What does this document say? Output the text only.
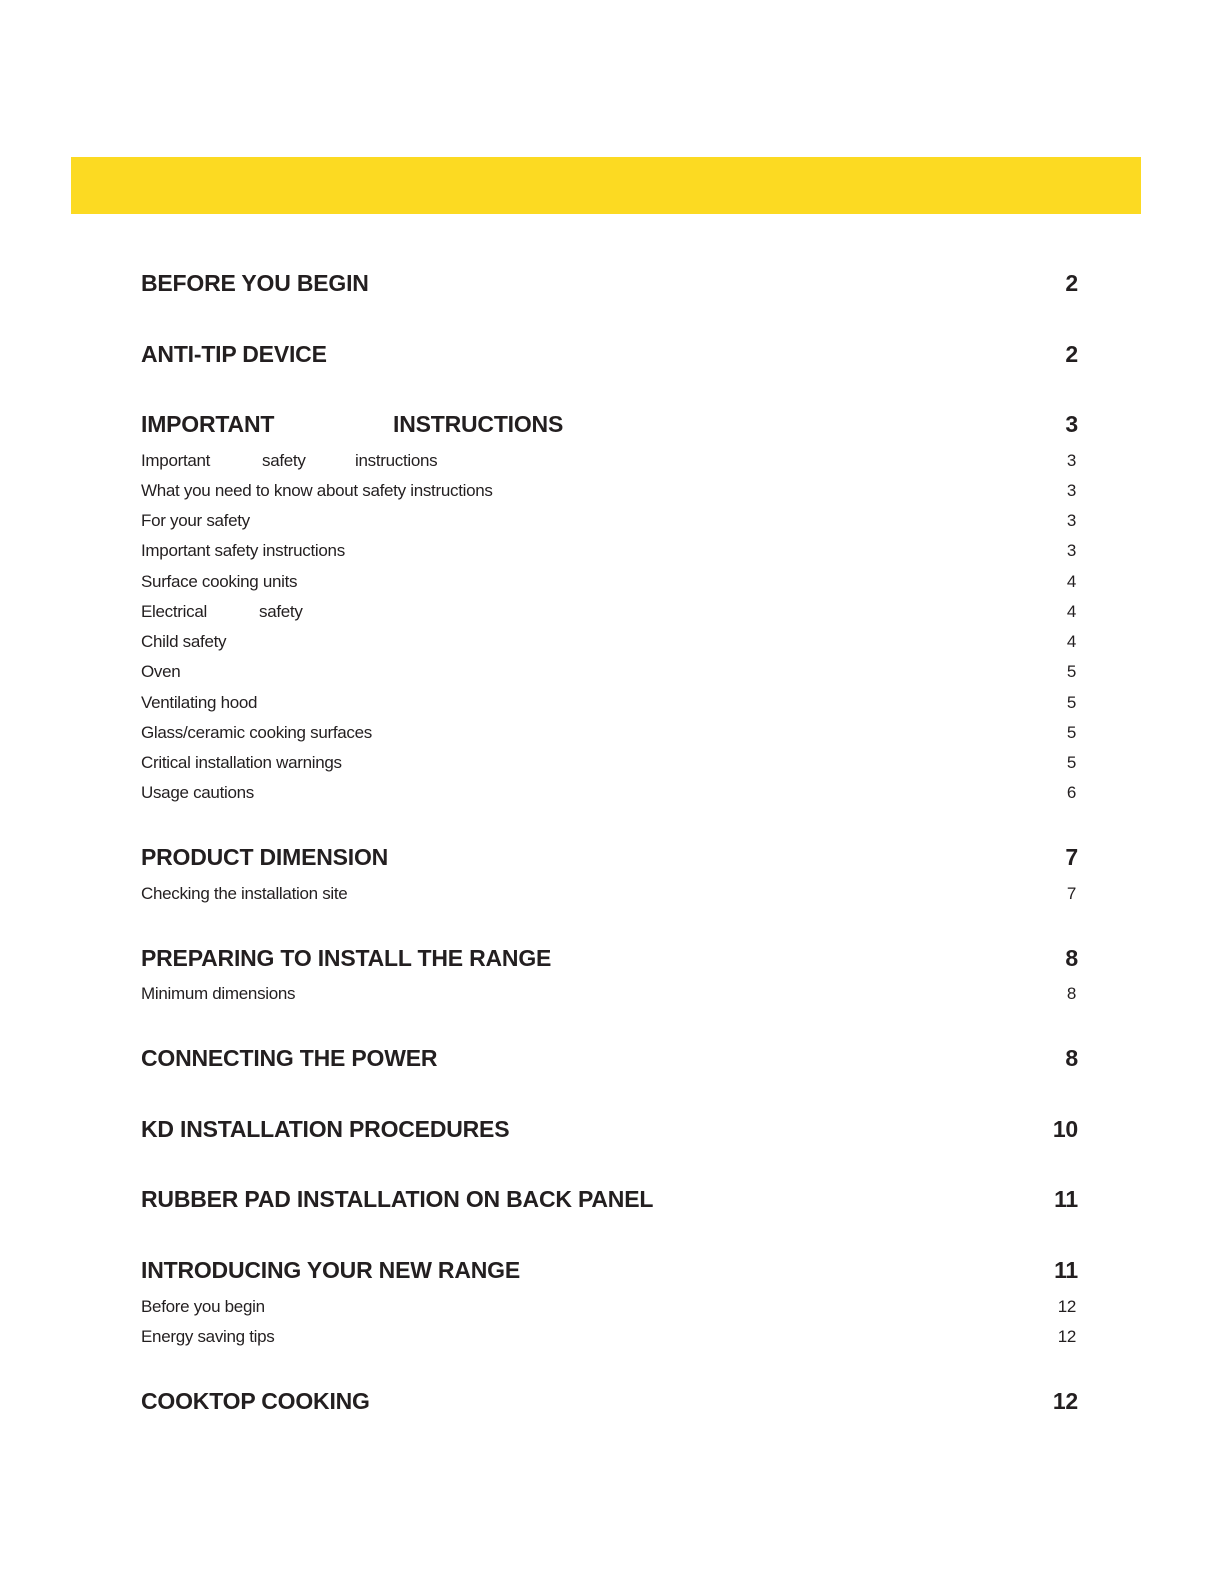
BEFORE YOU BEGIN	2
ANTI-TIP DEVICE	2
IMPORTANT	INSTRUCTIONS	3
Important	safety	instructions	3
What you need to know about safety instructions	3
For your safety	3
Important safety instructions	3
Surface cooking units	4
Electrical	safety	4
Child safety	4
Oven	5
Ventilating hood	5
Glass/ceramic cooking surfaces	5
Critical installation warnings	5
Usage cautions	6
PRODUCT DIMENSION	7
Checking the installation site	7
PREPARING TO INSTALL THE RANGE	8
Minimum dimensions	8
CONNECTING THE POWER	8
KD INSTALLATION PROCEDURES	10
RUBBER PAD INSTALLATION ON BACK PANEL	11
INTRODUCING YOUR NEW RANGE	11
Before you begin	12
Energy saving tips	12
COOKTOP COOKING	12
